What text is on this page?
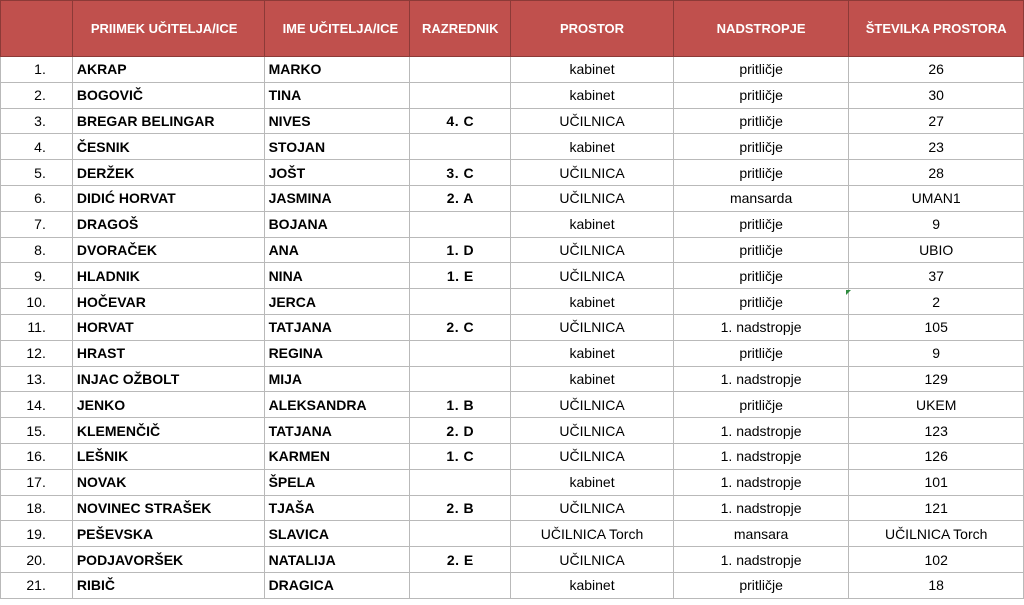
	PRIIMEK UČITELJA/ICE	IME UČITELJA/ICE	RAZREDNIK	PROSTOR	NADSTROPJE	ŠTEVILKA PROSTORA
1.	AKRAP	MARKO		kabinet	pritličje	26
2.	BOGOVIČ	TINA		kabinet	pritličje	30
3.	BREGAR BELINGAR	NIVES	4. C	UČILNICA	pritličje	27
4.	ČESNIK	STOJAN		kabinet	pritličje	23
5.	DERŽEK	JOŠT	3. C	UČILNICA	pritličje	28
6.	DIDIĆ HORVAT	JASMINA	2. A	UČILNICA	mansarda	UMAN1
7.	DRAGOŠ	BOJANA		kabinet	pritličje	9
8.	DVORAČEK	ANA	1. D	UČILNICA	pritličje	UBIO
9.	HLADNIK	NINA	1. E	UČILNICA	pritličje	37
10.	HOČEVAR	JERCA		kabinet	pritličje	2
11.	HORVAT	TATJANA	2. C	UČILNICA	1. nadstropje	105
12.	HRAST	REGINA		kabinet	pritličje	9
13.	INJAC OŽBOLT	MIJA		kabinet	1. nadstropje	129
14.	JENKO	ALEKSANDRA	1. B	UČILNICA	pritličje	UKEM
15.	KLEMENČIČ	TATJANA	2. D	UČILNICA	1. nadstropje	123
16.	LEŠNIK	KARMEN	1. C	UČILNICA	1. nadstropje	126
17.	NOVAK	ŠPELA		kabinet	1. nadstropje	101
18.	NOVINEC STRAŠEK	TJAŠA	2. B	UČILNICA	1. nadstropje	121
19.	PEŠEVSKA	SLAVICA		UČILNICA Torch	mansara	UČILNICA Torch
20.	PODJAVORŠEK	NATALIJA	2. E	UČILNICA	1. nadstropje	102
21.	RIBIČ	DRAGICA		kabinet	pritličje	18
